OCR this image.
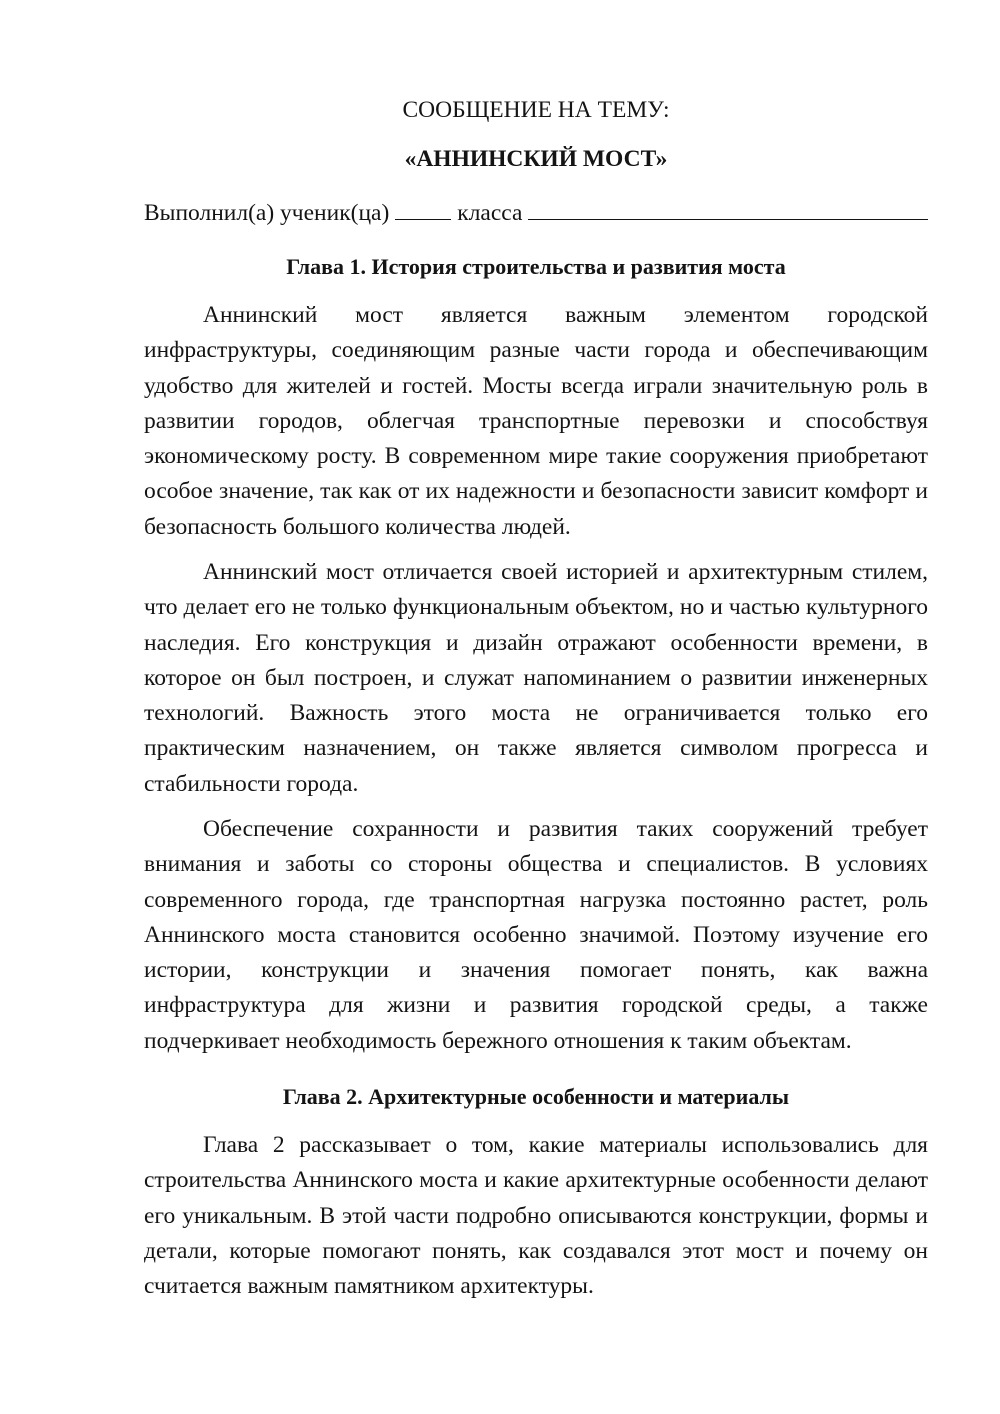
СООБЩЕНИЕ НА ТЕМУ:
«АННИНСКИЙ МОСТ»
Выполнил(а) ученик(ца)	класса
Глава 1. История строительства и развития моста

Аннинский мост является важным элементом городской инфраструктуры, соединяющим разные части города и обеспечивающим удобство для жителей и гостей. Мосты всегда играли значительную роль в развитии городов, облегчая транспортные перевозки и способствуя экономическому росту. В современном мире такие сооружения приобретают особое значение, так как от их надежности и безопасности зависит комфорт и безопасность большого количества людей.

Аннинский мост отличается своей историей и архитектурным стилем, что делает его не только функциональным объектом, но и частью культурного наследия. Его конструкция и дизайн отражают особенности времени, в которое он был построен, и служат напоминанием о развитии инженерных технологий. Важность этого моста не ограничивается только его практическим назначением, он также является символом прогресса и стабильности города.

Обеспечение сохранности и развития таких сооружений требует внимания и заботы со стороны общества и специалистов. В условиях современного города, где транспортная нагрузка постоянно растет, роль Аннинского моста становится особенно значимой. Поэтому изучение его истории, конструкции и значения помогает понять, как важна инфраструктура для жизни и развития городской среды, а также подчеркивает необходимость бережного отношения к таким объектам.

Глава 2. Архитектурные особенности и материалы

Глава 2 рассказывает о том, какие материалы использовались для строительства Аннинского моста и какие архитектурные особенности делают его уникальным. В этой части подробно описываются конструкции, формы и детали, которые помогают понять, как создавался этот мост и почему он считается важным памятником архитектуры.
